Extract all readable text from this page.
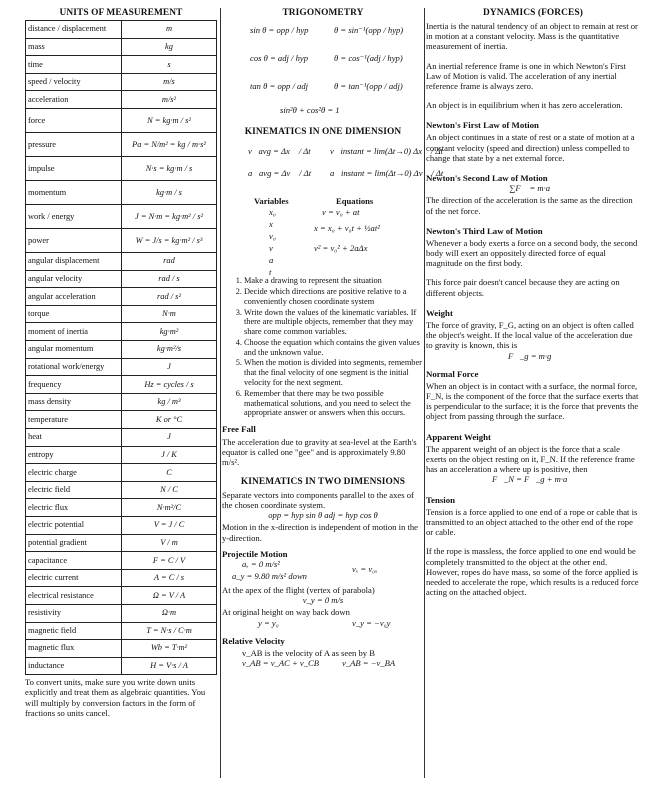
UNITS OF MEASUREMENT
distance / displacement	m
mass	kg
time	s
speed / velocity	m/s
acceleration	m/s²
force	N = kg·m / s²
pressure	Pa = N/m² = kg / m·s²
impulse	N·s = kg·m / s
momentum	kg·m / s
work / energy	J = N·m = kg·m² / s²
power	W = J/s = kg·m² / s³
angular displacement	rad
angular velocity	rad / s
angular acceleration	rad / s²
torque	N·m
moment of inertia	kg·m²
angular momentum	kg·m²/s
rotational work/energy	J
frequency	Hz = cycles / s
mass density	kg / m³
temperature	K or °C
heat	J
entropy	J / K
electric charge	C
electric field	N / C
electric flux	N·m²/C
electric potential	V = J / C
potential gradient	V / m
capacitance	F = C / V
electric current	A = C / s
electrical resistance	Ω = V / A
resistivity	Ω·m
magnetic field	T = N·s / C·m
magnetic flux	Wb = T·m²
inductance	H = V·s / A
To convert units, make sure you write down units explicitly and treat them as algebraic quantities. You will multiply by conversion factors in the form of fractions so units cancel.
TRIGONOMETRY
sin θ = opp / hyp	θ = sin⁻¹(opp / hyp)
cos θ = adj / hyp	θ = cos⁻¹(adj / hyp)
tan θ = opp / adj	θ = tan⁻¹(opp / adj)
sin²θ + cos²θ = 1
KINEMATICS IN ONE DIMENSION
v⃗avg = Δx⃗ / Δt
a⃗avg = Δv⃗ / Δt
v⃗instant = lim(Δt→0) Δx⃗ / Δt
a⃗instant = lim(Δt→0) Δv⃗ / Δt
Variables	Equations
x₀
x
v₀
v
a
t
v = v₀ + at
x = x₀ + v₀t + ½at²
v² = v₀² + 2aΔx
1. Make a drawing to represent the situation
2. Decide which directions are positive relative to a conveniently chosen coordinate system
3. Write down the values of the kinematic variables. If there are multiple objects, remember that they may share come common variables.
4. Choose the equation which contains the given values and the unknown value.
5. When the motion is divided into segments, remember that the final velocity of one segment is the initial velocity for the next segment.
6. Remember that there may be two possible mathematical solutions, and you need to select the appropriate answer or answers when this occurs.
Free Fall
The acceleration due to gravity at sea-level at the Earth's equator is called one "gee" and is approximately 9.80 m/s².
KINEMATICS IN TWO DIMENSIONS
Separate vectors into components parallel to the axes of the chosen coordinate system.
opp = hyp sin θ adj = hyp cos θ
Motion in the x-direction is independent of motion in the y-direction.
Projectile Motion
aₓ = 0 m/s²	vₓ = v₀ₓ
a_y = 9.80 m/s² down
At the apex of the flight (vertex of parabola)
v_y = 0 m/s
At original height on way back down
y = y₀	v_y = −v₀y
Relative Velocity
v_AB is the velocity of A as seen by B
v_AB = v_AC + v_CB	v_AB = −v_BA
DYNAMICS (FORCES)
Inertia is the natural tendency of an object to remain at rest or in motion at a constant velocity. Mass is the quantitative measurement of inertia.
An inertial reference frame is one in which Newton's First Law of Motion is valid. The acceleration of any inertial reference frame is always zero.
An object is in equilibrium when it has zero acceleration.
Newton's First Law of Motion
An object continues in a state of rest or a state of motion at a constant velocity (speed and direction) unless compelled to change that state by a net external force.
Newton's Second Law of Motion
∑F⃗ = m·a⃗
The direction of the acceleration is the same as the direction of the net force.
Newton's Third Law of Motion
Whenever a body exerts a force on a second body, the second body will exert an oppositely directed force of equal magnitude on the first body.
This force pair doesn't cancel because they are acting on different objects.
Weight
The force of gravity, F_G, acting on an object is often called the object's weight. If the local value of the acceleration due to gravity is known, this is
F⃗_g = m·g⃗
Normal Force
When an object is in contact with a surface, the normal force, F_N, is the component of the force that the surface exerts that is perpendicular to the surface; it is the force that prevents the object from passing through the surface.
Apparent Weight
The apparent weight of an object is the force that a scale exerts on the object resting on it, F_N. If the reference frame has an acceleration a where up is positive, then
F⃗_N = F⃗_g + m·a⃗
Tension
Tension is a force applied to one end of a rope or cable that is transmitted to an object attached to the other end of the rope or cable.
If the rope is massless, the force applied to one end would be completely transmitted to the object at the other end. However, ropes do have mass, so some of the force applied is needed to accelerate the rope, which results is a reduced force acting on the attached object.
